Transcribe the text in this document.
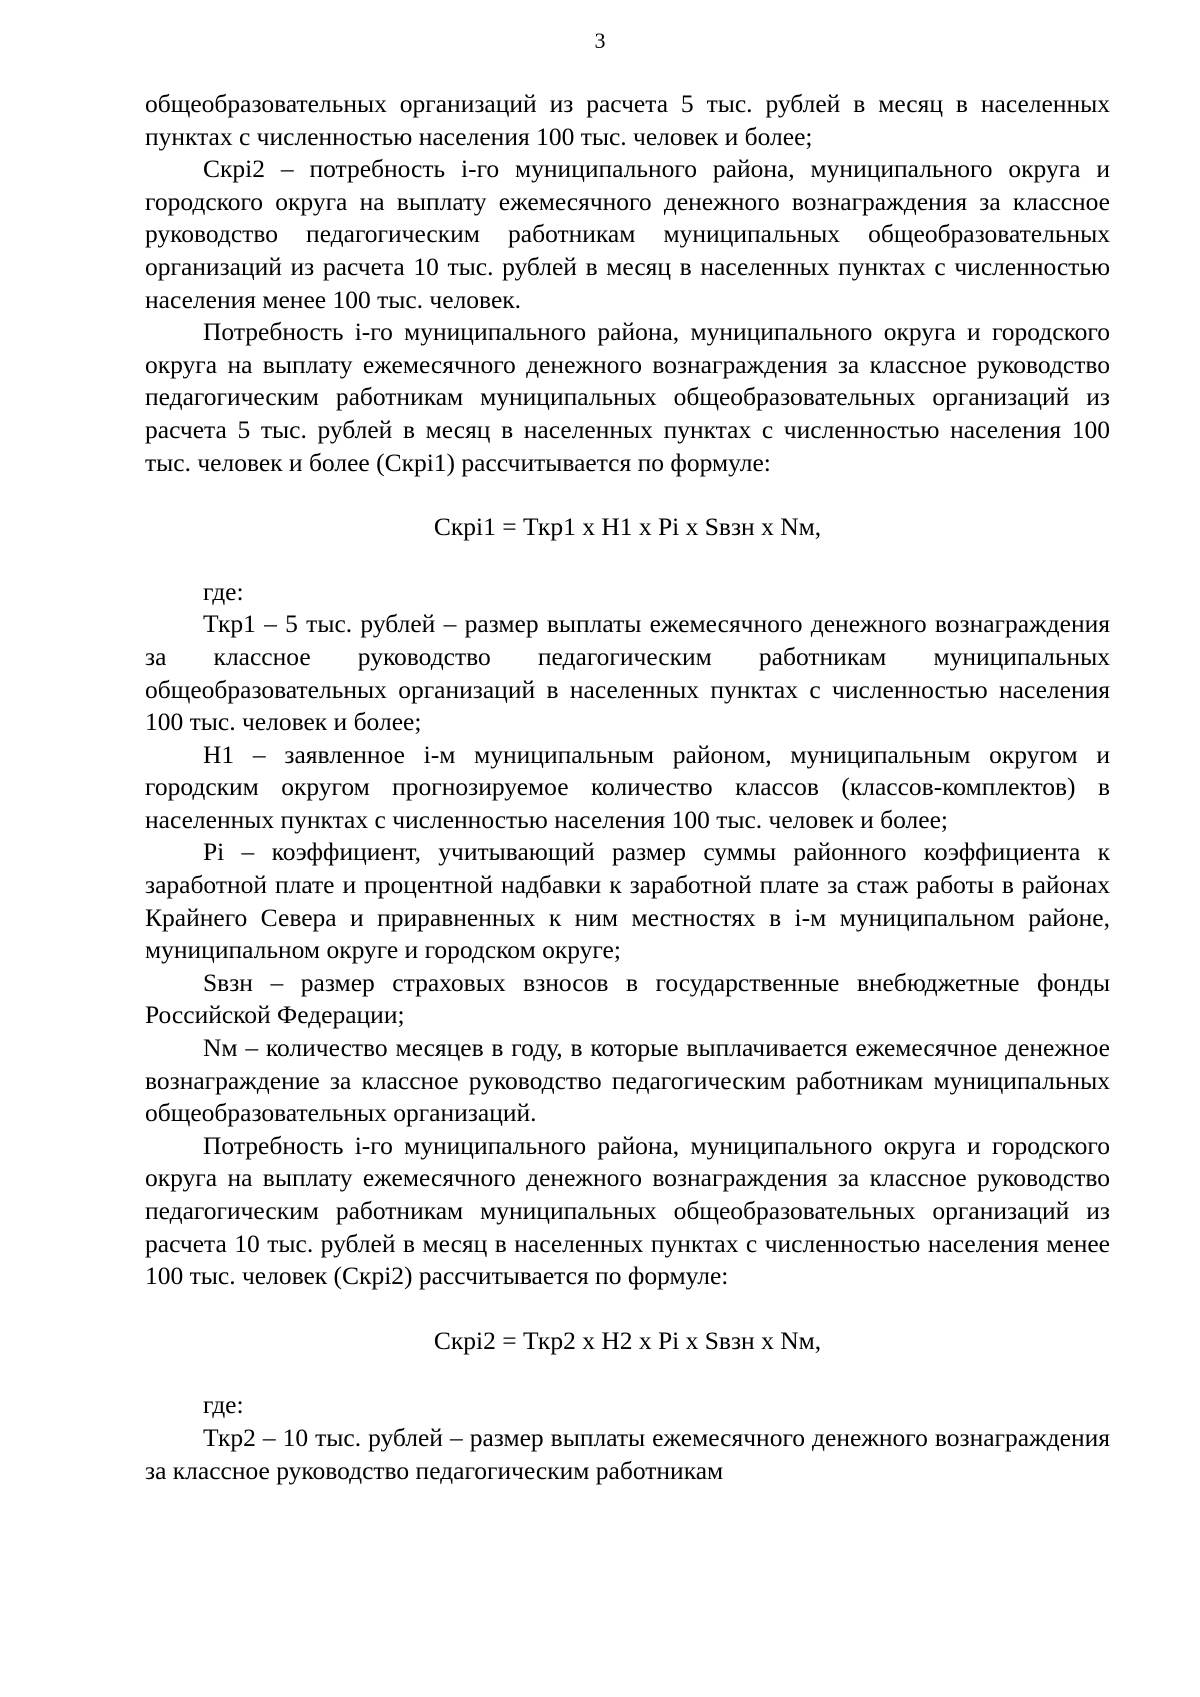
3

общеобразовательных организаций из расчета 5 тыс. рублей в месяц в населенных пунктах с численностью населения 100 тыс. человек и более;

Скрi2 – потребность i-го муниципального района, муниципального округа и городского округа на выплату ежемесячного денежного вознаграждения за классное руководство педагогическим работникам муниципальных общеобразовательных организаций из расчета 10 тыс. рублей в месяц в населенных пунктах с численностью населения менее 100 тыс. человек.

Потребность i-го муниципального района, муниципального округа и городского округа на выплату ежемесячного денежного вознаграждения за классное руководство педагогическим работникам муниципальных общеобразовательных организаций из расчета 5 тыс. рублей в месяц в населенных пунктах с численностью населения 100 тыс. человек и более (Скрi1) рассчитывается по формуле:

Скрi1 = Ткр1 х Н1 х Рi х Sвзн х Nм,

где:

Ткр1 – 5 тыс. рублей – размер выплаты ежемесячного денежного вознаграждения за классное руководство педагогическим работникам муниципальных общеобразовательных организаций в населенных пунктах с численностью населения 100 тыс. человек и более;

Н1 – заявленное i-м муниципальным районом, муниципальным округом и городским округом прогнозируемое количество классов (классов-комплектов) в населенных пунктах с численностью населения 100 тыс. человек и более;

Рi – коэффициент, учитывающий размер суммы районного коэффициента к заработной плате и процентной надбавки к заработной плате за стаж работы в районах Крайнего Севера и приравненных к ним местностях в i-м муниципальном районе, муниципальном округе и городском округе;

Sвзн – размер страховых взносов в государственные внебюджетные фонды Российской Федерации;

Nм – количество месяцев в году, в которые выплачивается ежемесячное денежное вознаграждение за классное руководство педагогическим работникам муниципальных общеобразовательных организаций.

Потребность i-го муниципального района, муниципального округа и городского округа на выплату ежемесячного денежного вознаграждения за классное руководство педагогическим работникам муниципальных общеобразовательных организаций из расчета 10 тыс. рублей в месяц в населенных пунктах с численностью населения менее 100 тыс. человек (Скрi2) рассчитывается по формуле:

Скрi2 = Ткр2 х Н2 х Рi х Sвзн х Nм,

где:

Ткр2 – 10 тыс. рублей – размер выплаты ежемесячного денежного вознаграждения за классное руководство педагогическим работникам
